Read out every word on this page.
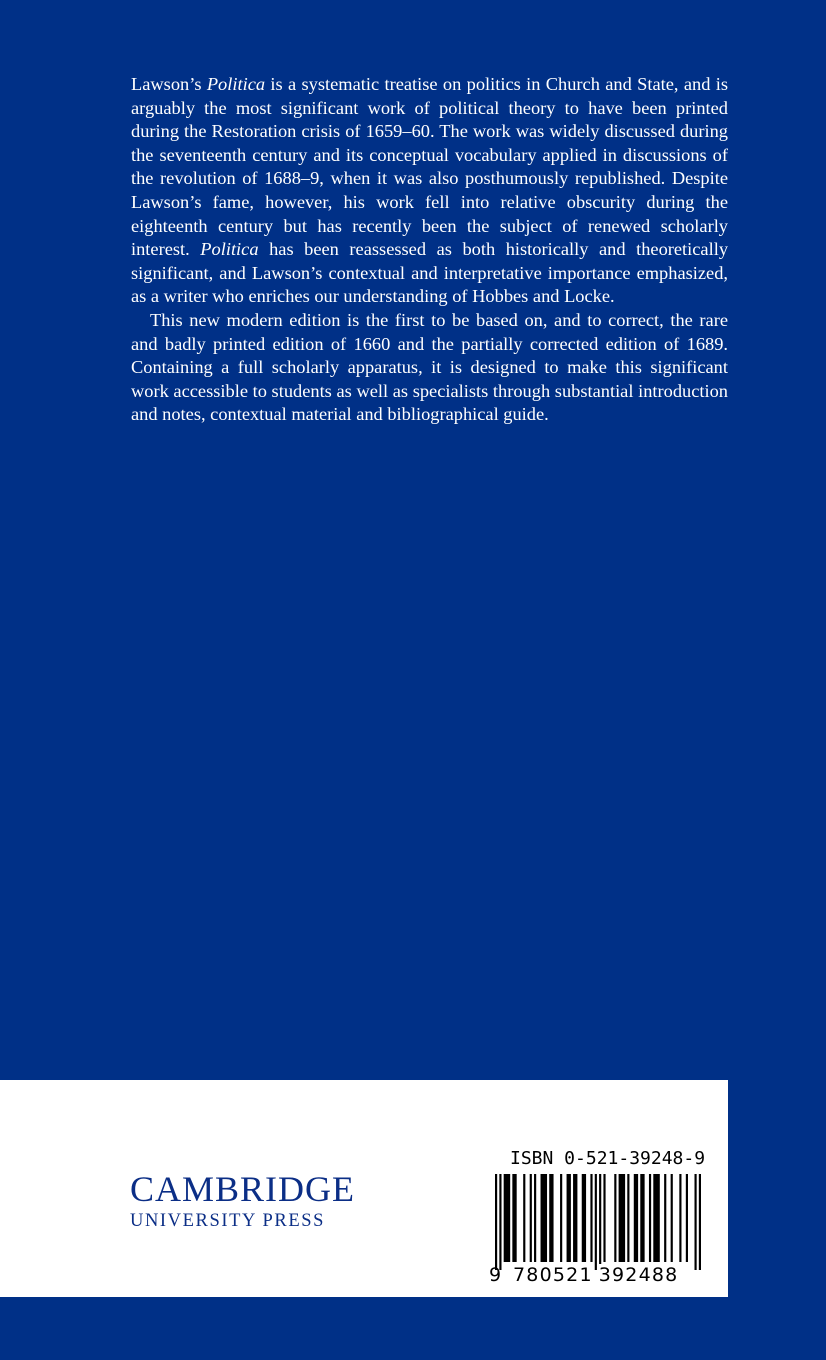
Lawson’s Politica is a systematic treatise on politics in Church and State, and is arguably the most significant work of political theory to have been printed during the Restoration crisis of 1659–60. The work was widely discussed during the seventeenth century and its conceptual vocabulary applied in discussions of the revolution of 1688–9, when it was also posthumously republished. Despite Lawson’s fame, however, his work fell into relative obscurity during the eighteenth century but has recently been the subject of renewed scholarly interest. Politica has been reassessed as both historically and theoretically significant, and Lawson’s contextual and interpretative importance emphasized, as a writer who enriches our understanding of Hobbes and Locke.

This new modern edition is the first to be based on, and to correct, the rare and badly printed edition of 1660 and the partially corrected edition of 1689. Containing a full scholarly apparatus, it is designed to make this significant work accessible to students as well as specialists through substantial introduction and notes, contextual material and bibliographical guide.

CAMBRIDGE
UNIVERSITY PRESS
ISBN 0-521-39248-9
9 780521 392488
